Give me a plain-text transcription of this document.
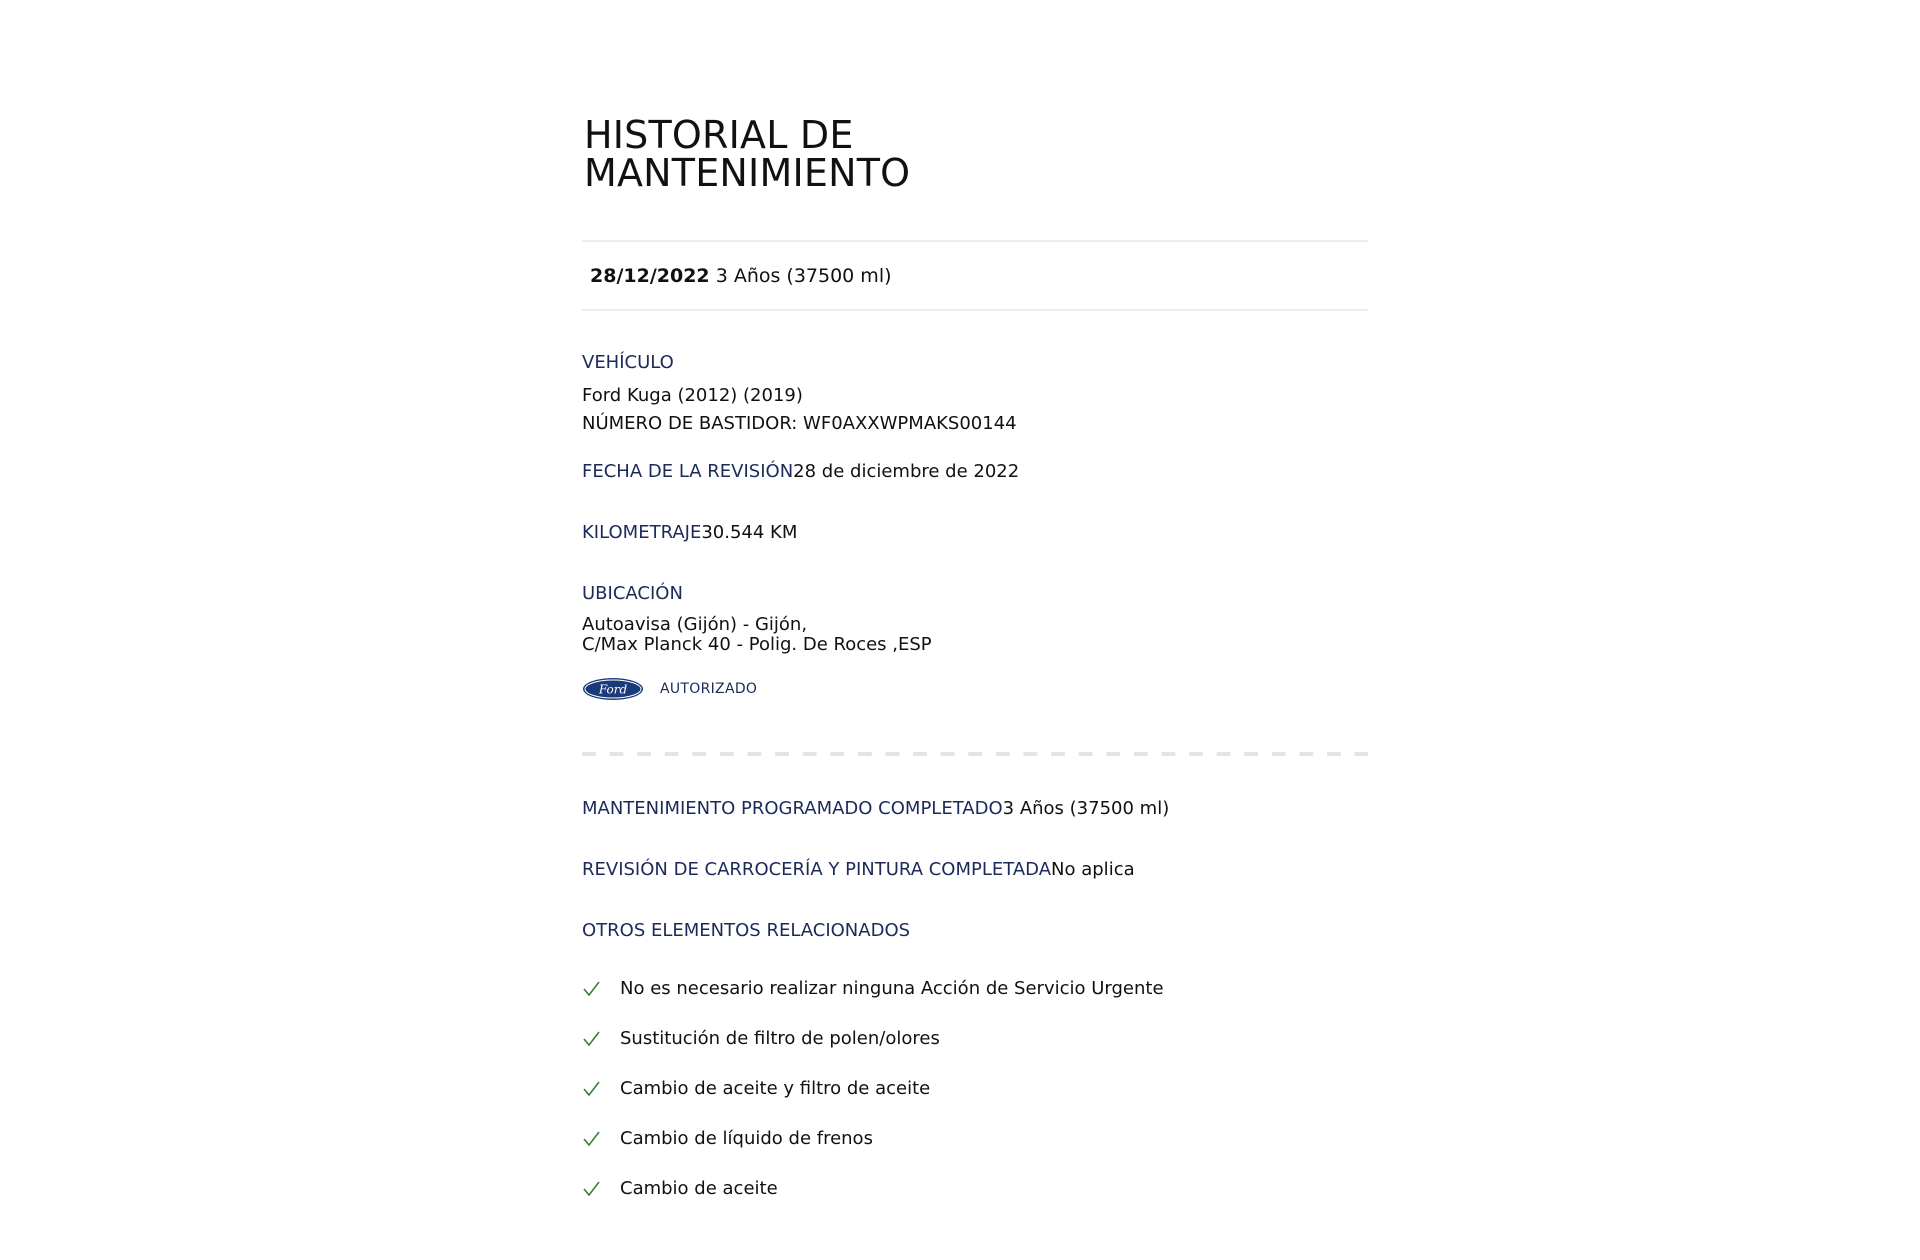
HISTORIAL DE
MANTENIMIENTO
28/12/2022 3 Años (37500 ml)
VEHÍCULO
Ford Kuga (2012) (2019)
NÚMERO DE BASTIDOR: WF0AXXWPMAKS00144
FECHA DE LA REVISIÓN28 de diciembre de 2022
KILOMETRAJE30.544 KM
UBICACIÓN
Autoavisa (Gijón) - Gijón,
C/Max Planck 40 - Polig. De Roces ,ESP
Ford AUTORIZADO
MANTENIMIENTO PROGRAMADO COMPLETADO3 Años (37500 ml)
REVISIÓN DE CARROCERÍA Y PINTURA COMPLETADANo aplica
OTROS ELEMENTOS RELACIONADOS
No es necesario realizar ninguna Acción de Servicio Urgente
Sustitución de filtro de polen/olores
Cambio de aceite y filtro de aceite
Cambio de líquido de frenos
Cambio de aceite
